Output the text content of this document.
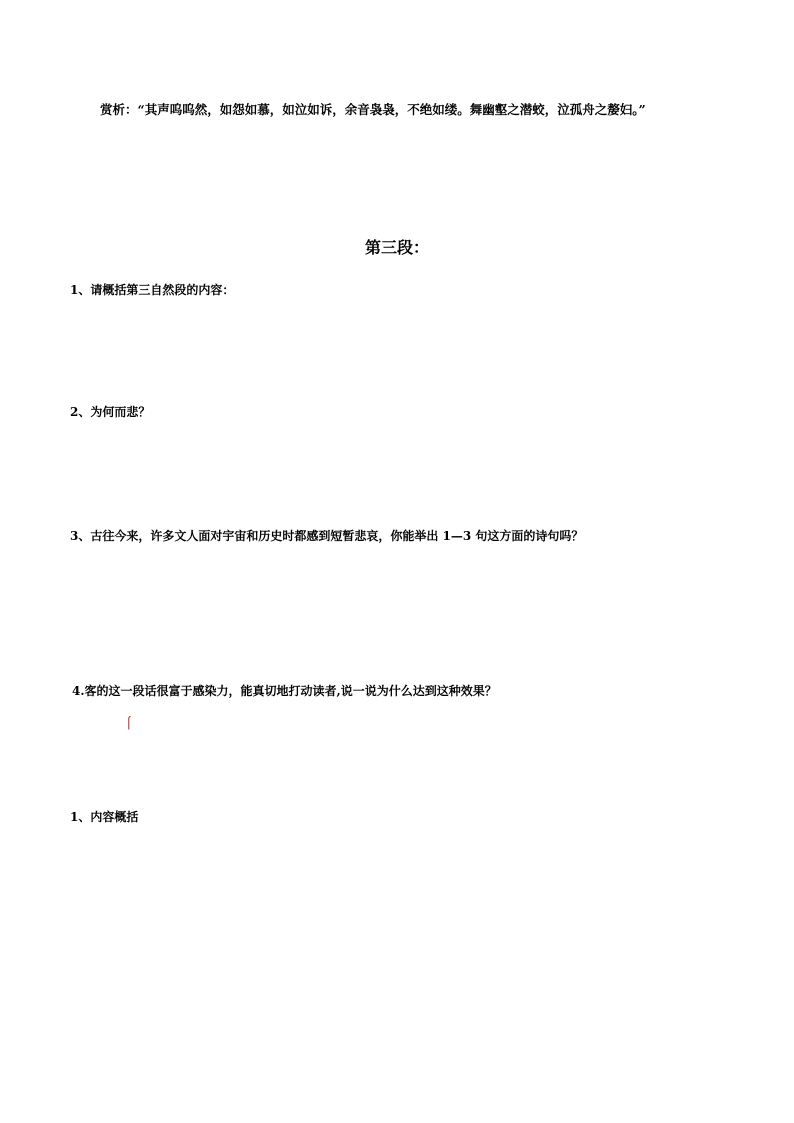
赏析：“其声呜呜然，如怨如慕，如泣如诉，余音袅袅，不绝如缕。舞幽壑之潜蛟，泣孤舟之嫠妇。”
第三段：
1、请概括第三自然段的内容：
2、为何而悲？
3、古往今来，许多文人面对宇宙和历史时都感到短暂悲哀，你能举出 1—3 句这方面的诗句吗？
4.客的这一段话很富于感染力，能真切地打动读者,说一说为什么达到这种效果？
1、内容概括
